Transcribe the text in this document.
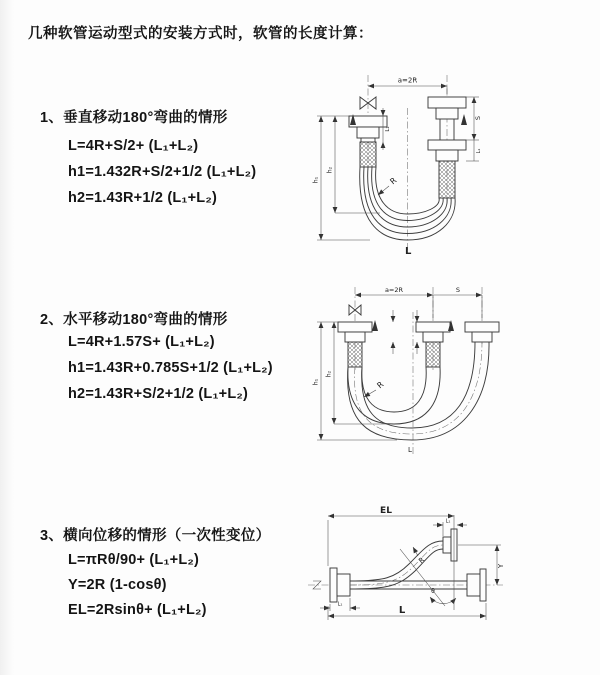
几种软管运动型式的安装方式时，软管的长度计算：
1、垂直移动180°弯曲的情形
L=4R+S/2+ (L₁+L₂)
h1=1.432R+S/2+1/2 (L₁+L₂)
h2=1.43R+1/2 (L₁+L₂)
2、水平移动180°弯曲的情形
L=4R+1.57S+ (L₁+L₂)
h1=1.43R+0.785S+1/2 (L₁+L₂)
h2=1.43R+S/2+1/2 (L₁+L₂)
3、横向位移的情形（一次性变位）
L=πRθ/90+ (L₁+L₂)
Y=2R (1-cosθ)
EL=2Rsinθ+ (L₁+L₂)
a=2R
L₁
S
L₁
h₁
h₂
R
L
a=2R	S
h₁
h₂
R
L
θ
R
EL
L₁
Y
L₁
L
